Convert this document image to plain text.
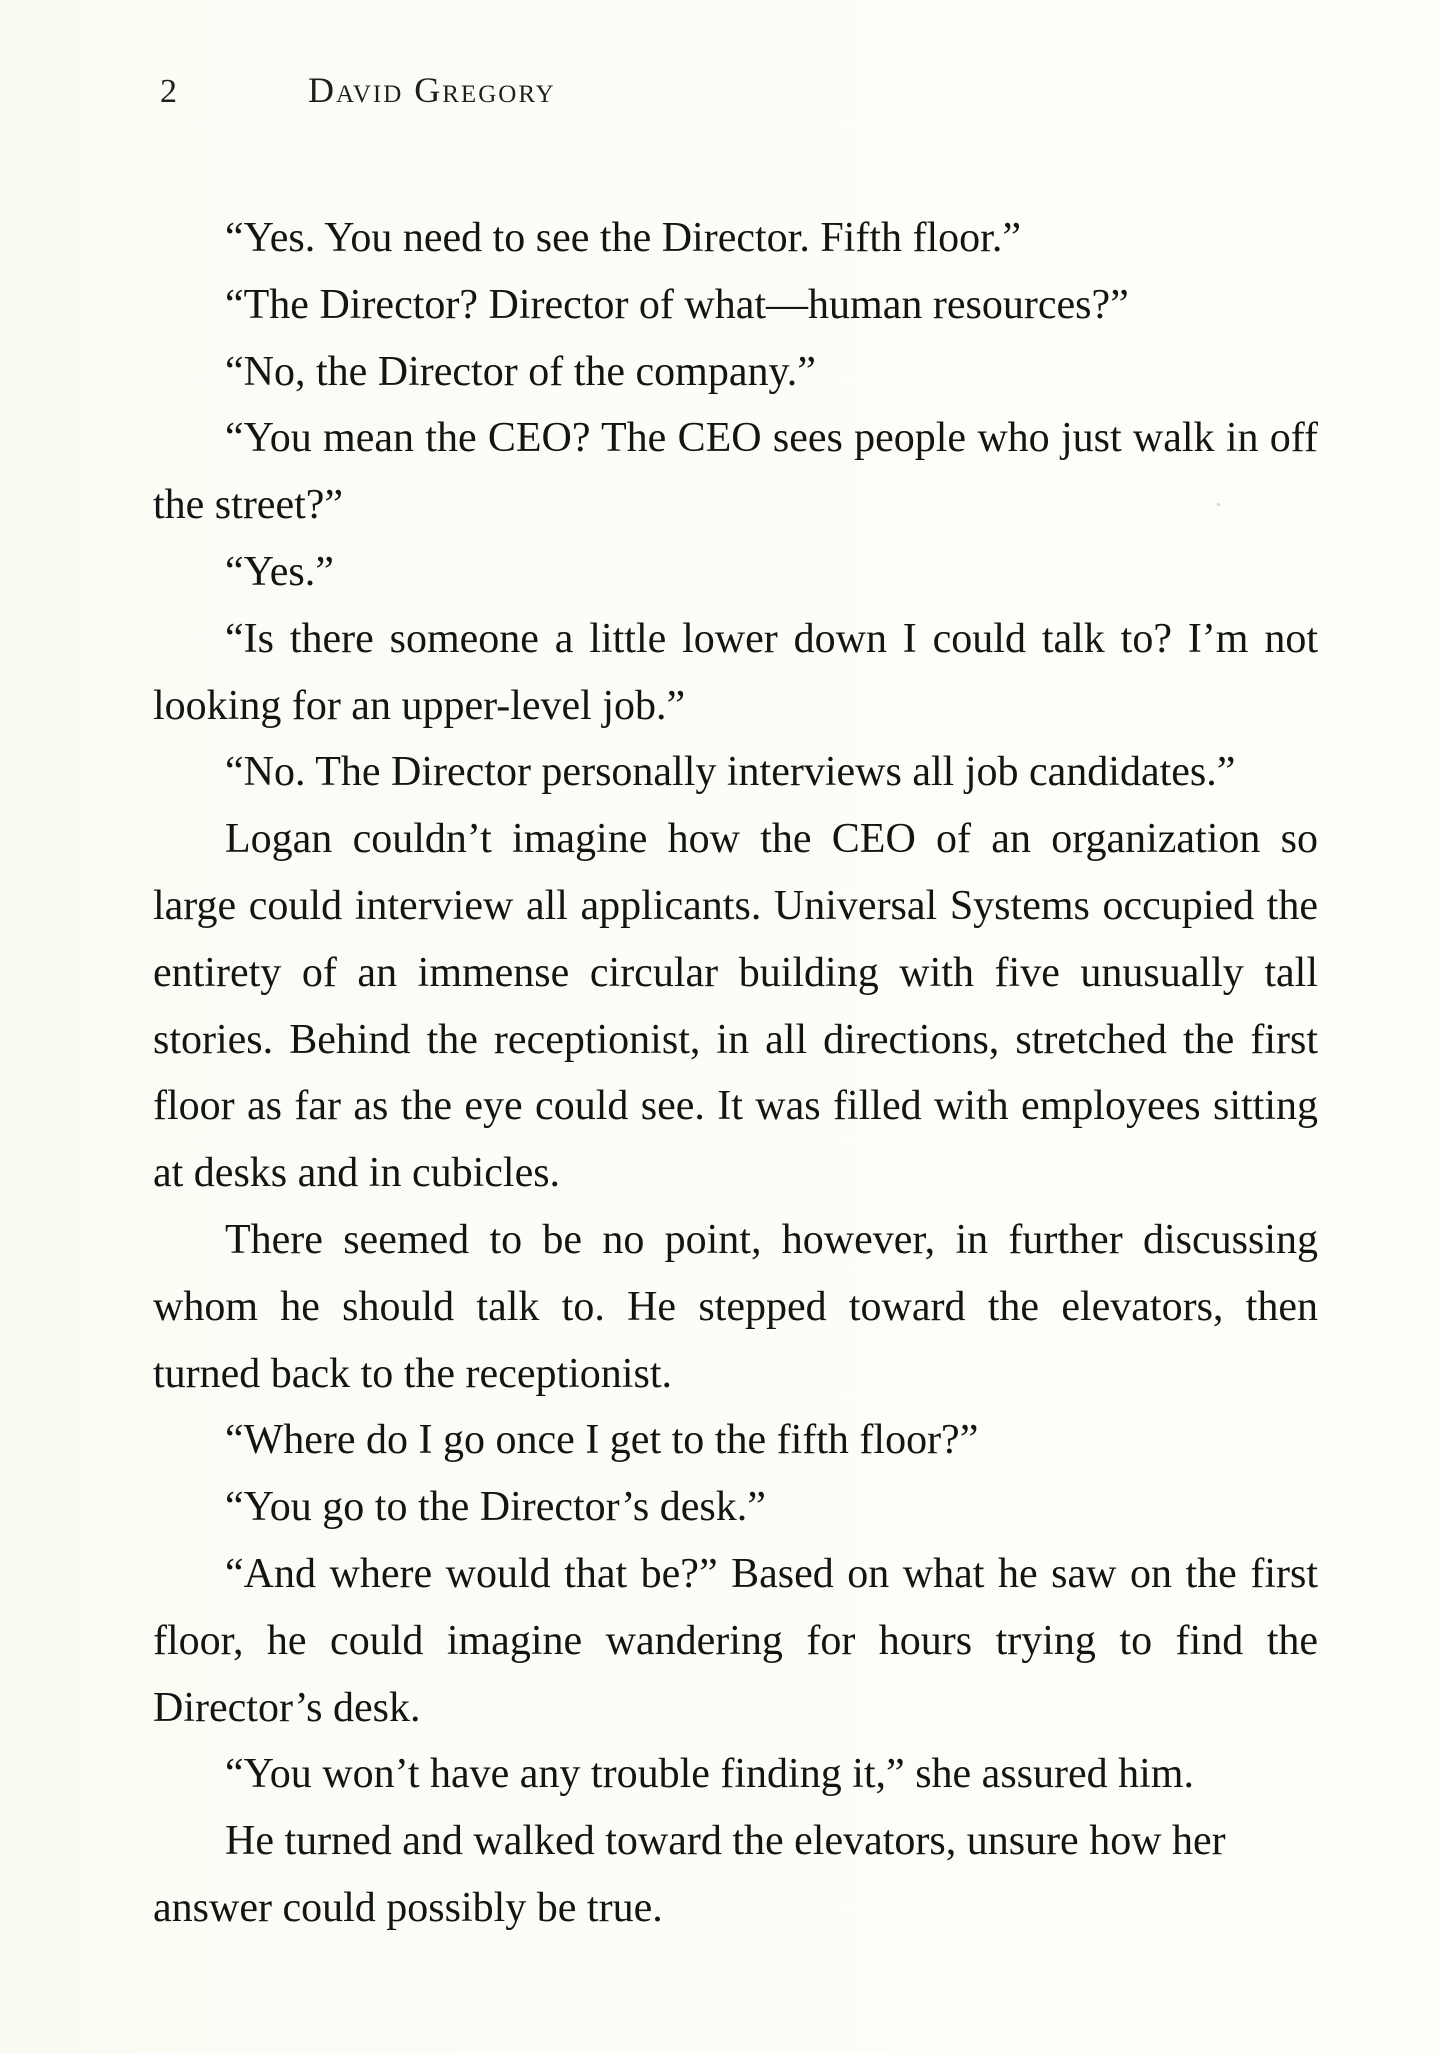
2	David Gregory

“Yes. You need to see the Director. Fifth floor.”

“The Director? Director of what—human resources?”

“No, the Director of the company.”

“You mean the CEO? The CEO sees people who just walk in off the street?”

“Yes.”

“Is there someone a little lower down I could talk to? I’m not looking for an upper-level job.”

“No. The Director personally interviews all job candidates.”

Logan couldn’t imagine how the CEO of an organization so large could interview all applicants. Universal Systems occupied the entirety of an immense circular building with five unusually tall stories. Behind the receptionist, in all directions, stretched the first floor as far as the eye could see. It was filled with employees sitting at desks and in cubicles.

There seemed to be no point, however, in further discussing whom he should talk to. He stepped toward the elevators, then turned back to the receptionist.

“Where do I go once I get to the fifth floor?”

“You go to the Director’s desk.”

“And where would that be?” Based on what he saw on the first floor, he could imagine wandering for hours trying to find the Director’s desk.

“You won’t have any trouble finding it,” she assured him.

He turned and walked toward the elevators, unsure how her answer could possibly be true.
